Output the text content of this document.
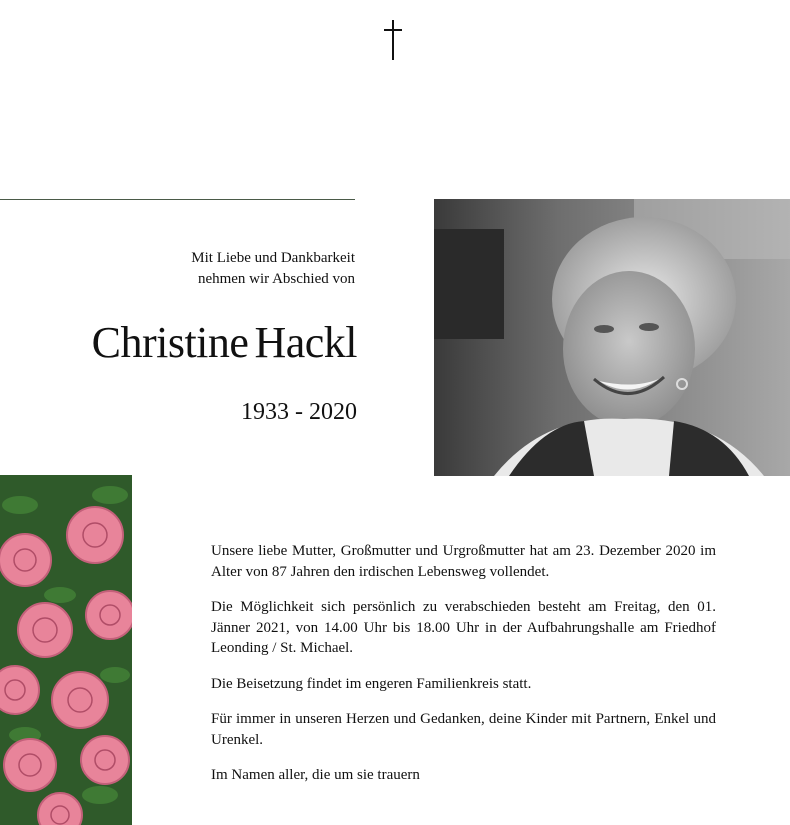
Mit Liebe und Dankbarkeit
nehmen wir Abschied von
Christine Hackl
1933 - 2020

Unsere liebe Mutter, Großmutter und Urgroßmutter hat am 23. Dezember 2020 im Alter von 87 Jahren den irdischen Lebensweg vollendet.

Die Möglichkeit sich persönlich zu verabschieden besteht am Freitag, den 01. Jänner 2021, von 14.00 Uhr bis 18.00 Uhr in der Aufbahrungshalle am Friedhof Leonding / St. Michael.

Die Beisetzung findet im engeren Familienkreis statt.

Für immer in unseren Herzen und Gedanken, deine Kinder mit Partnern, Enkel und Urenkel.

Im Namen aller, die um sie trauern
